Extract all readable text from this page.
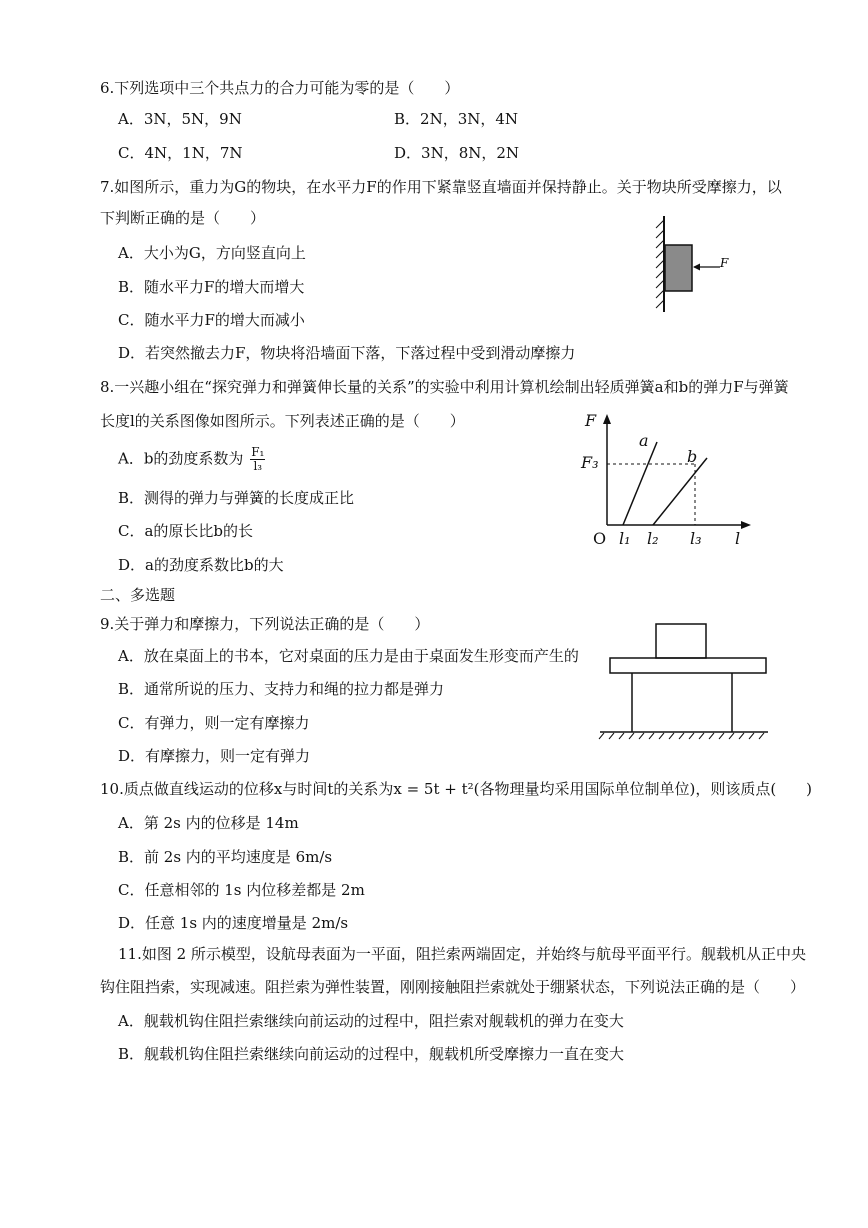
6.下列选项中三个共点力的合力可能为零的是（　　）
A．3N，5N，9N	B．2N，3N，4N
C．4N，1N，7N	D．3N，8N，2N
7.如图所示，重力为G的物块，在水平力F的作用下紧靠竖直墙面并保持静止。关于物块所受摩擦力，以
下判断正确的是（　　）
A．大小为G，方向竖直向上
B．随水平力F的增大而增大
C．随水平力F的增大而减小
D．若突然撤去力F，物块将沿墙面下落，下落过程中受到滑动摩擦力
F
8.一兴趣小组在“探究弹力和弹簧伸长量的关系”的实验中利用计算机绘制出轻质弹簧a和b的弹力F与弹簧
长度l的关系图像如图所示。下列表述正确的是（　　）
A．b的劲度系数为 $\frac{\text{F₁}}{\text{l₃}}$
B．测得的弹力与弹簧的长度成正比
C．a的原长比b的长
D．a的劲度系数比b的大
F
l
F₃
a
b
l₁ l₂ l₃
O
二、多选题
9.关于弹力和摩擦力，下列说法正确的是（　　）
A．放在桌面上的书本，它对桌面的压力是由于桌面发生形变而产生的
B．通常所说的压力、支持力和绳的拉力都是弹力
C．有弹力，则一定有摩擦力
D．有摩擦力，则一定有弹力
10.质点做直线运动的位移x与时间t的关系为x = 5t + t²(各物理量均采用国际单位制单位)，则该质点(　　)
A．第 2s 内的位移是 14m
B．前 2s 内的平均速度是 6m/s
C．任意相邻的 1s 内位移差都是 2m
D．任意 1s 内的速度增量是 2m/s
11.如图 2 所示模型，设航母表面为一平面，阻拦索两端固定，并始终与航母平面平行。舰载机从正中央
钩住阻挡索，实现减速。阻拦索为弹性装置，刚刚接触阻拦索就处于绷紧状态，下列说法正确的是（　　）
A．舰载机钩住阻拦索继续向前运动的过程中，阻拦索对舰载机的弹力在变大
B．舰载机钩住阻拦索继续向前运动的过程中，舰载机所受摩擦力一直在变大
